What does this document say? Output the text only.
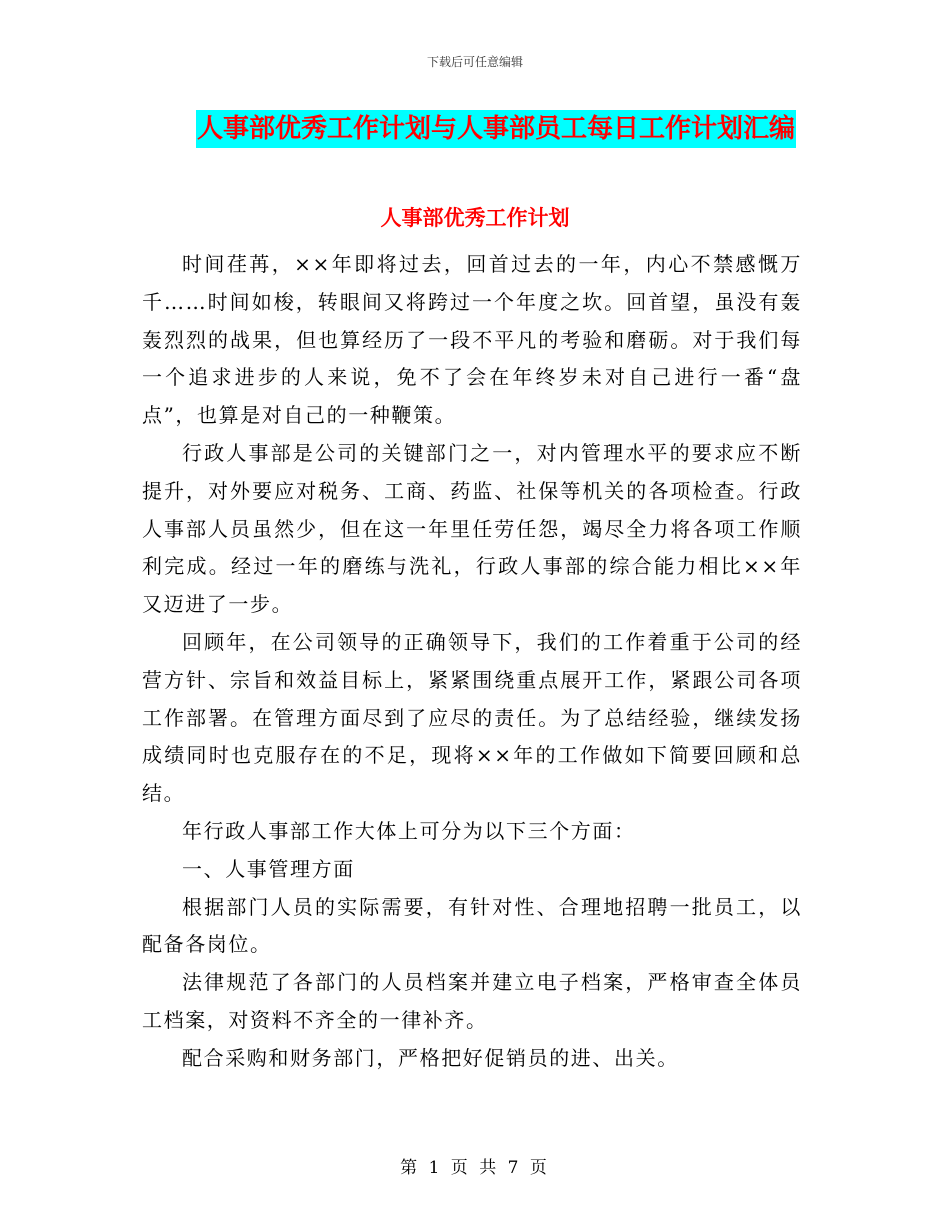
下载后可任意编辑
人事部优秀工作计划与人事部员工每日工作计划汇编
人事部优秀工作计划

时间荏苒，××年即将过去，回首过去的一年，内心不禁感慨万千……时间如梭，转眼间又将跨过一个年度之坎。回首望，虽没有轰轰烈烈的战果，但也算经历了一段不平凡的考验和磨砺。对于我们每一个追求进步的人来说，免不了会在年终岁未对自己进行一番“盘点”，也算是对自己的一种鞭策。

行政人事部是公司的关键部门之一，对内管理水平的要求应不断提升，对外要应对税务、工商、药监、社保等机关的各项检查。行政人事部人员虽然少，但在这一年里任劳任怨，竭尽全力将各项工作顺利完成。经过一年的磨练与洗礼，行政人事部的综合能力相比××年又迈进了一步。

回顾年，在公司领导的正确领导下，我们的工作着重于公司的经营方针、宗旨和效益目标上，紧紧围绕重点展开工作，紧跟公司各项工作部署。在管理方面尽到了应尽的责任。为了总结经验，继续发扬成绩同时也克服存在的不足，现将××年的工作做如下简要回顾和总结。

年行政人事部工作大体上可分为以下三个方面：

一、人事管理方面

根据部门人员的实际需要，有针对性、合理地招聘一批员工，以配备各岗位。

法律规范了各部门的人员档案并建立电子档案，严格审查全体员工档案，对资料不齐全的一律补齐。

配合采购和财务部门，严格把好促销员的进、出关。

第 1 页 共 7 页
